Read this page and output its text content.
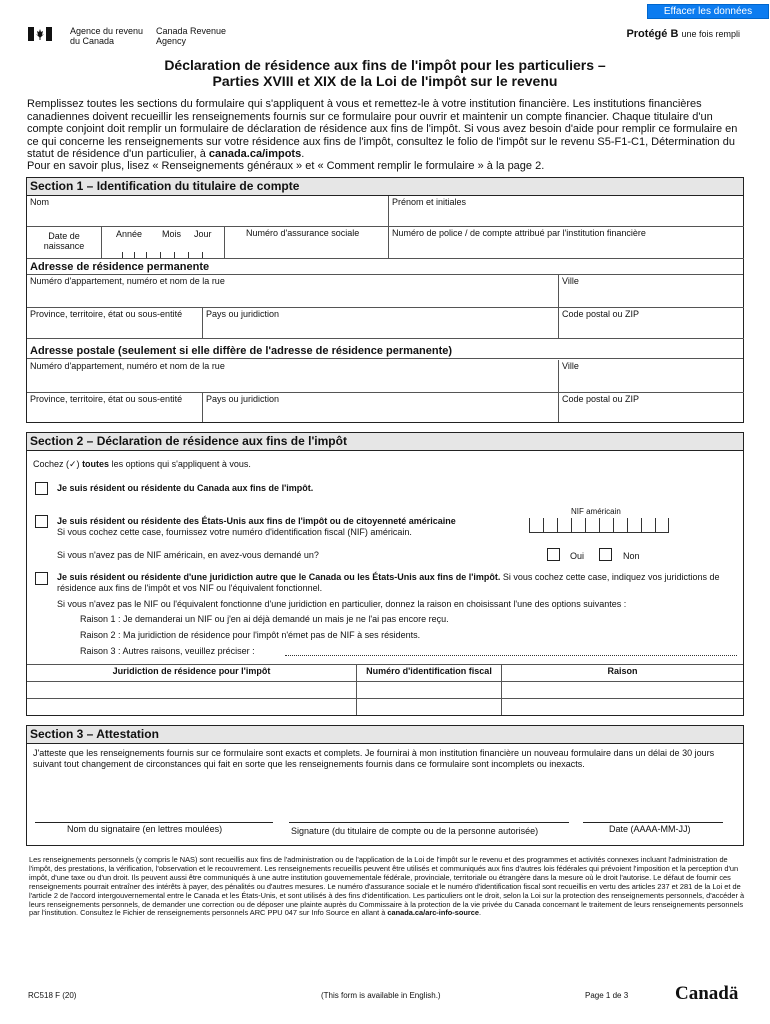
Effacer les données
Agence du revenu
du Canada
Canada Revenue
Agency
Protégé B une fois rempli
Déclaration de résidence aux fins de l'impôt pour les particuliers –
Parties XVIII et XIX de la Loi de l'impôt sur le revenu
Remplissez toutes les sections du formulaire qui s'appliquent à vous et remettez-le à votre institution financière. Les institutions financières canadiennes doivent recueillir les renseignements fournis sur ce formulaire pour ouvrir et maintenir un compte financier. Chaque titulaire d'un compte conjoint doit remplir un formulaire de déclaration de résidence aux fins de l'impôt. Si vous avez besoin d'aide pour remplir ce formulaire en ce qui concerne les renseignements sur votre résidence aux fins de l'impôt, consultez le folio de l'impôt sur le revenu S5-F1-C1, Détermination du statut de résidence d'un particulier, à canada.ca/impots.
Pour en savoir plus, lisez « Renseignements généraux » et « Comment remplir le formulaire » à la page 2.
Section 1 – Identification du titulaire de compte
Nom	Prénom et initiales
Date de naissance
Année Mois Jour	Numéro d'assurance sociale	Numéro de police / de compte attribué par l'institution financière
Adresse de résidence permanente
Numéro d'appartement, numéro et nom de la rue	Ville
Province, territoire, état ou sous-entité	Pays ou juridiction	Code postal ou ZIP
Adresse postale (seulement si elle diffère de l'adresse de résidence permanente)
Numéro d'appartement, numéro et nom de la rue	Ville
Province, territoire, état ou sous-entité	Pays ou juridiction	Code postal ou ZIP
Section 2 – Déclaration de résidence aux fins de l'impôt
Cochez (✓) toutes les options qui s'appliquent à vous.
Je suis résident ou résidente du Canada aux fins de l'impôt.
NIF américain
Je suis résident ou résidente des États-Unis aux fins de l'impôt ou de citoyenneté américaine
Si vous cochez cette case, fournissez votre numéro d'identification fiscal (NIF) américain.
Si vous n'avez pas de NIF américain, en avez-vous demandé un?	Oui	Non
Je suis résident ou résidente d'une juridiction autre que le Canada ou les États-Unis aux fins de l'impôt. Si vous cochez cette case, indiquez vos juridictions de résidence aux fins de l'impôt et vos NIF ou l'équivalent fonctionnel.
Si vous n'avez pas le NIF ou l'équivalent fonctionne d'une juridiction en particulier, donnez la raison en choisissant l'une des options suivantes :
Raison 1 : Je demanderai un NIF ou j'en ai déjà demandé un mais je ne l'ai pas encore reçu.
Raison 2 : Ma juridiction de résidence pour l'impôt n'émet pas de NIF à ses résidents.
Raison 3 : Autres raisons, veuillez préciser :
Juridiction de résidence pour l'impôt	Numéro d'identification fiscal	Raison
Section 3 – Attestation
J'atteste que les renseignements fournis sur ce formulaire sont exacts et complets. Je fournirai à mon institution financière un nouveau formulaire dans un délai de 30 jours suivant tout changement de circonstances qui fait en sorte que les renseignements fournis dans ce formulaire sont incomplets ou inexacts.
Nom du signataire (en lettres moulées)	Signature (du titulaire de compte ou de la personne autorisée)	Date (AAAA-MM-JJ)
Les renseignements personnels (y compris le NAS) sont recueillis aux fins de l'administration ou de l'application de la Loi de l'impôt sur le revenu et des programmes et activités connexes incluant l'administration de l'impôt, des prestations, la vérification, l'observation et le recouvrement. Les renseignements recueillis peuvent être utilisés et communiqués aux fins d'autres lois fédérales qui prévoient l'imposition et la perception d'un impôt, d'une taxe ou d'un droit. Ils peuvent aussi être communiqués à une autre institution gouvernementale fédérale, provinciale, territoriale ou étrangère dans la mesure où le droit l'autorise. Le défaut de fournir ces renseignements pourrait entraîner des intérêts à payer, des pénalités ou d'autres mesures. Le numéro d'assurance sociale et le numéro d'identification fiscal sont recueillis en vertu des articles 237 et 281 de la Loi et de l'article 2 de l'accord intergouvernemental entre le Canada et les États-Unis, et sont utilisés à des fins d'identification. Les particuliers ont le droit, selon la Loi sur la protection des renseignements personnels, d'accéder à leurs renseignements personnels, de demander une correction ou de déposer une plainte auprès du Commissaire à la protection de la vie privée du Canada concernant le traitement de leurs renseignements personnels par l'institution. Consultez le Fichier de renseignements personnels ARC PPU 047 sur Info Source en allant à canada.ca/arc-info-source.
RC518 F (20)	(This form is available in English.)	Page 1 de 3 Canadä
